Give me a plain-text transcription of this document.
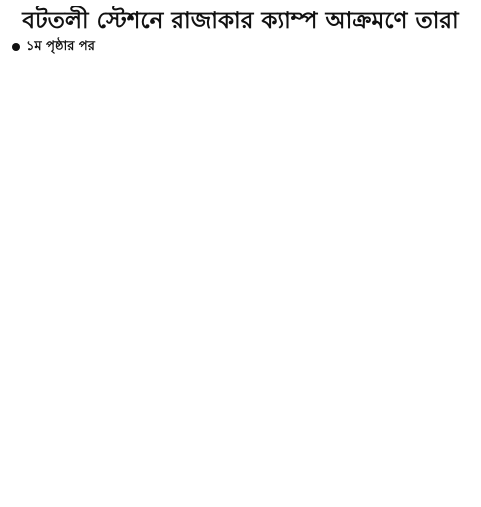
বটতলী স্টেশনে রাজাকার ক্যাম্প আক্রমণে তারা
১ম পৃষ্ঠার পর
